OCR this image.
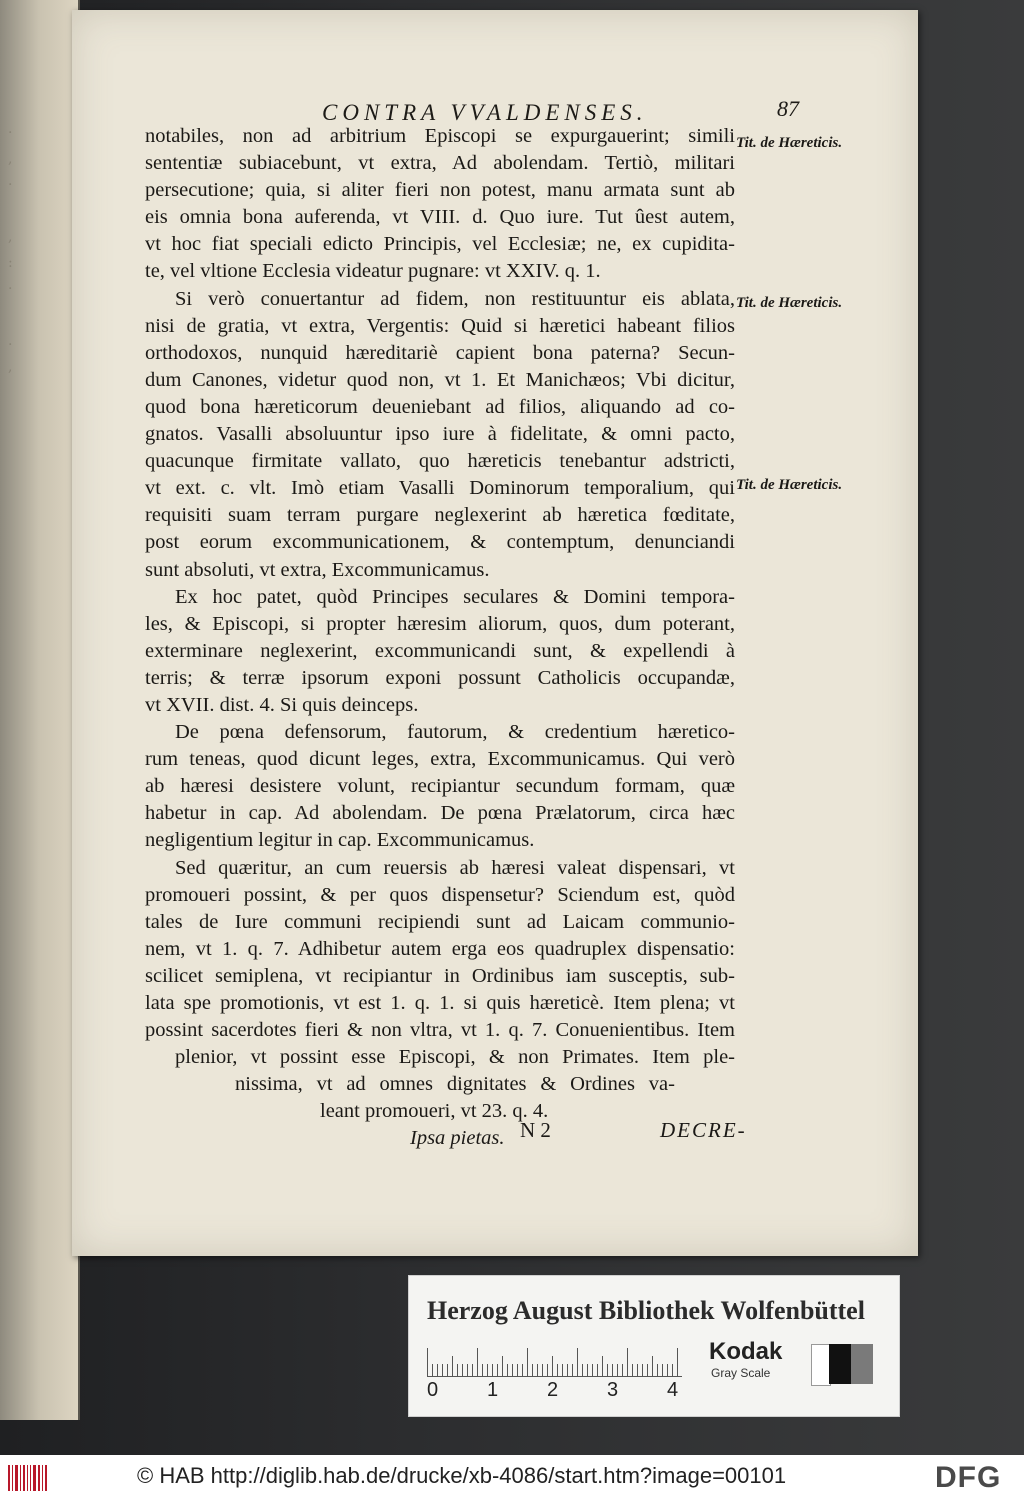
·
,
·

,
:
·

.
,
CONTRA VVALDENSES.	87
Tit. de Hæreticis.
Tit. de Hæreticis.
Tit. de Hæreticis.
notabiles, non ad arbitrium Episcopi se expurgauerint; simili
sententiæ subiacebunt, vt extra, Ad abolendam. Tertiò, militari
persecutione; quia, si aliter fieri non potest, manu armata sunt ab
eis omnia bona auferenda, vt VIII. d. Quo iure. Tut ûest autem,
vt hoc fiat speciali edicto Principis, vel Ecclesiæ; ne, ex cupidita-
te, vel vltione Ecclesia videatur pugnare: vt XXIV. q. 1.
Si verò conuertantur ad fidem, non restituuntur eis ablata,
nisi de gratia, vt extra, Vergentis: Quid si hæretici habeant filios
orthodoxos, nunquid hæreditariè capient bona paterna? Secun-
dum Canones, videtur quod non, vt 1. Et Manichæos; Vbi dicitur,
quod bona hæreticorum deueniebant ad filios, aliquando ad co-
gnatos. Vasalli absoluuntur ipso iure à fidelitate, & omni pacto,
quacunque firmitate vallato, quo hæreticis tenebantur adstricti,
vt ext. c. vlt. Imò etiam Vasalli Dominorum temporalium, qui
requisiti suam terram purgare neglexerint ab hæretica fœditate,
post eorum excommunicationem, & contemptum, denunciandi
sunt absoluti, vt extra, Excommunicamus.
Ex hoc patet, quòd Principes seculares & Domini tempora-
les, & Episcopi, si propter hæresim aliorum, quos, dum poterant,
exterminare neglexerint, excommunicandi sunt, & expellendi à
terris; & terræ ipsorum exponi possunt Catholicis occupandæ,
vt XVII. dist. 4. Si quis deinceps.
De pœna defensorum, fautorum, & credentium hæretico-
rum teneas, quod dicunt leges, extra, Excommunicamus. Qui verò
ab hæresi desistere volunt, recipiantur secundum formam, quæ
habetur in cap. Ad abolendam. De pœna Prælatorum, circa hæc
negligentium legitur in cap. Excommunicamus.
Sed quæritur, an cum reuersis ab hæresi valeat dispensari, vt
promoueri possint, & per quos dispensetur? Sciendum est, quòd
tales de Iure communi recipiendi sunt ad Laicam communio-
nem, vt 1. q. 7. Adhibetur autem erga eos quadruplex dispensatio:
scilicet semiplena, vt recipiantur in Ordinibus iam susceptis, sub-
lata spe promotionis, vt est 1. q. 1. si quis hæreticè. Item plena; vt
possint sacerdotes fieri & non vltra, vt 1. q. 7. Conuenientibus. Item
plenior, vt possint esse Episcopi, & non Primates. Item ple-
nissima, vt ad omnes dignitates & Ordines va-
leant promoueri, vt 23. q. 4.
Ipsa pietas. N 2	DECRE-
Herzog August Bibliothek Wolfenbüttel
0 1 2 3 4
Kodak
Gray Scale
© HAB http://diglib.hab.de/drucke/xb-4086/start.htm?image=00101	DFG
